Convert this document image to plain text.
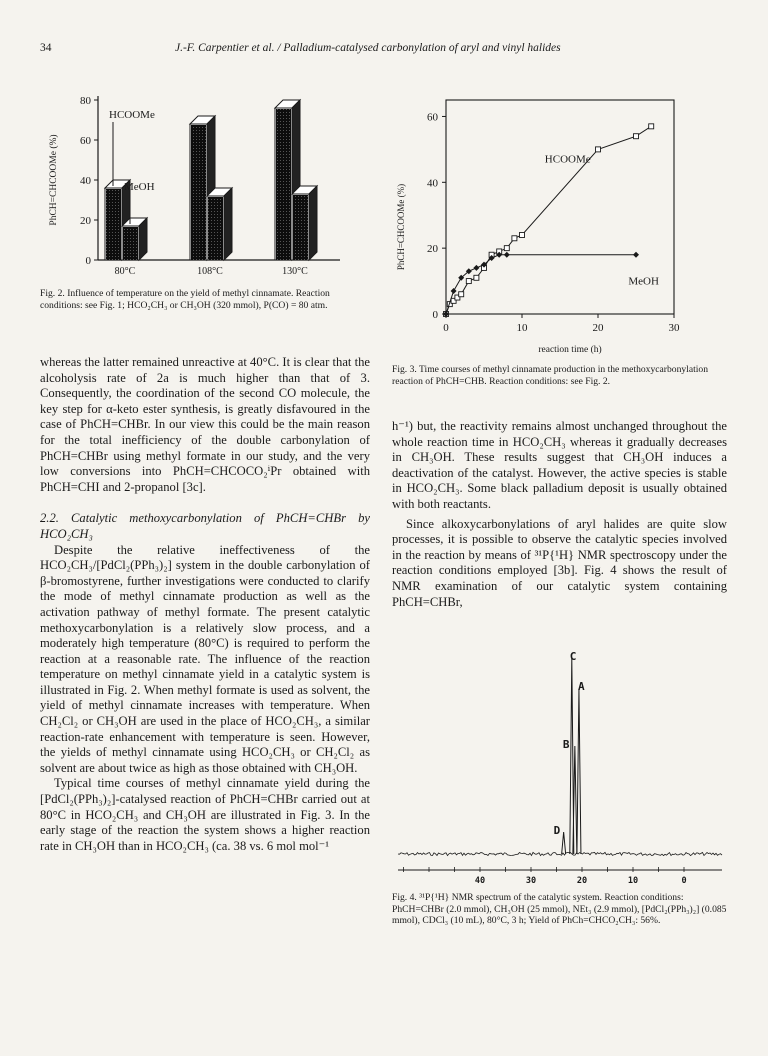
34	J.-F. Carpentier et al. / Palladium-catalysed carbonylation of aryl and vinyl halides
0
20
40
60
80
PhCH=CHCOOMe (%)
80°C	108°C	130°C
HCOOMe
MeOH
Fig. 2. Influence of temperature on the yield of methyl cinnamate. Reaction conditions: see Fig. 1; HCO₂CH₃ or CH₃OH (320 mmol), P(CO) = 80 atm.
0	10	20	30
0
20
40
60
reaction time (h)
PhCH=CHCOOMe (%)
HCOOMe
MeOH
Fig. 3. Time courses of methyl cinnamate production in the methoxycarbonylation reaction of PhCH=CHB. Reaction conditions: see Fig. 2.

whereas the latter remained unreactive at 40°C. It is clear that the alcoholysis rate of 2a is much higher than that of 3. Consequently, the coordination of the second CO molecule, the key step for α-keto ester synthesis, is greatly disfavoured in the case of PhCH=CHBr. In our view this could be the main reason for the total inefficiency of the double carbonylation of PhCH=CHBr using methyl formate in our study, and the very low conversions into PhCH=CHCOCO₂ⁱPr obtained with PhCH=CHI and 2-propanol [3c].

2.2. Catalytic methoxycarbonylation of PhCH=CHBr by HCO₂CH₃

Despite the relative ineffectiveness of the HCO₂CH₃/[PdCl₂(PPh₃)₂] system in the double carbonylation of β-bromostyrene, further investigations were conducted to clarify the mode of methyl cinnamate production as well as the activation pathway of methyl formate. The present catalytic methoxycarbonylation is a relatively slow process, and a moderately high temperature (80°C) is required to perform the reaction at a reasonable rate. The influence of the reaction temperature on methyl cinnamate yield in a catalytic system is illustrated in Fig. 2. When methyl formate is used as solvent, the yield of methyl cinnamate increases with temperature. When CH₂Cl₂ or CH₃OH are used in the place of HCO₂CH₃, a similar reaction-rate enhancement with temperature is seen. However, the yields of methyl cinnamate using HCO₂CH₃ or CH₂Cl₂ as solvent are about twice as high as those obtained with CH₃OH.

Typical time courses of methyl cinnamate yield during the [PdCl₂(PPh₃)₂]-catalysed reaction of PhCH=CHBr carried out at 80°C in HCO₂CH₃ and CH₃OH are illustrated in Fig. 3. In the early stage of the reaction the system shows a higher reaction rate in CH₃OH than in HCO₂CH₃ (ca. 38 vs. 6 mol mol⁻¹

h⁻¹) but, the reactivity remains almost unchanged throughout the whole reaction time in HCO₂CH₃ whereas it gradually decreases in CH₃OH. These results suggest that CH₃OH induces a deactivation of the catalyst. However, the active species is stable in HCO₂CH₃. Some black palladium deposit is usually obtained with both reactants.

Since alkoxycarbonylations of aryl halides are quite slow processes, it is possible to observe the catalytic species involved in the reaction by means of ³¹P{¹H} NMR spectroscopy under the reaction conditions employed [3b]. Fig. 4 shows the result of NMR examination of our catalytic system containing PhCH=CHBr,

C
A
B
D
40	30	20	10	0
Fig. 4. ³¹P{¹H} NMR spectrum of the catalytic system. Reaction conditions: PhCH=CHBr (2.0 mmol), CH₃OH (25 mmol), NEt₃ (2.9 mmol), [PdCl₂(PPh₃)₂] (0.085 mmol), CDCl₃ (10 mL), 80°C, 3 h; Yield of PhCh=CHCO₂CH₃: 56%.
